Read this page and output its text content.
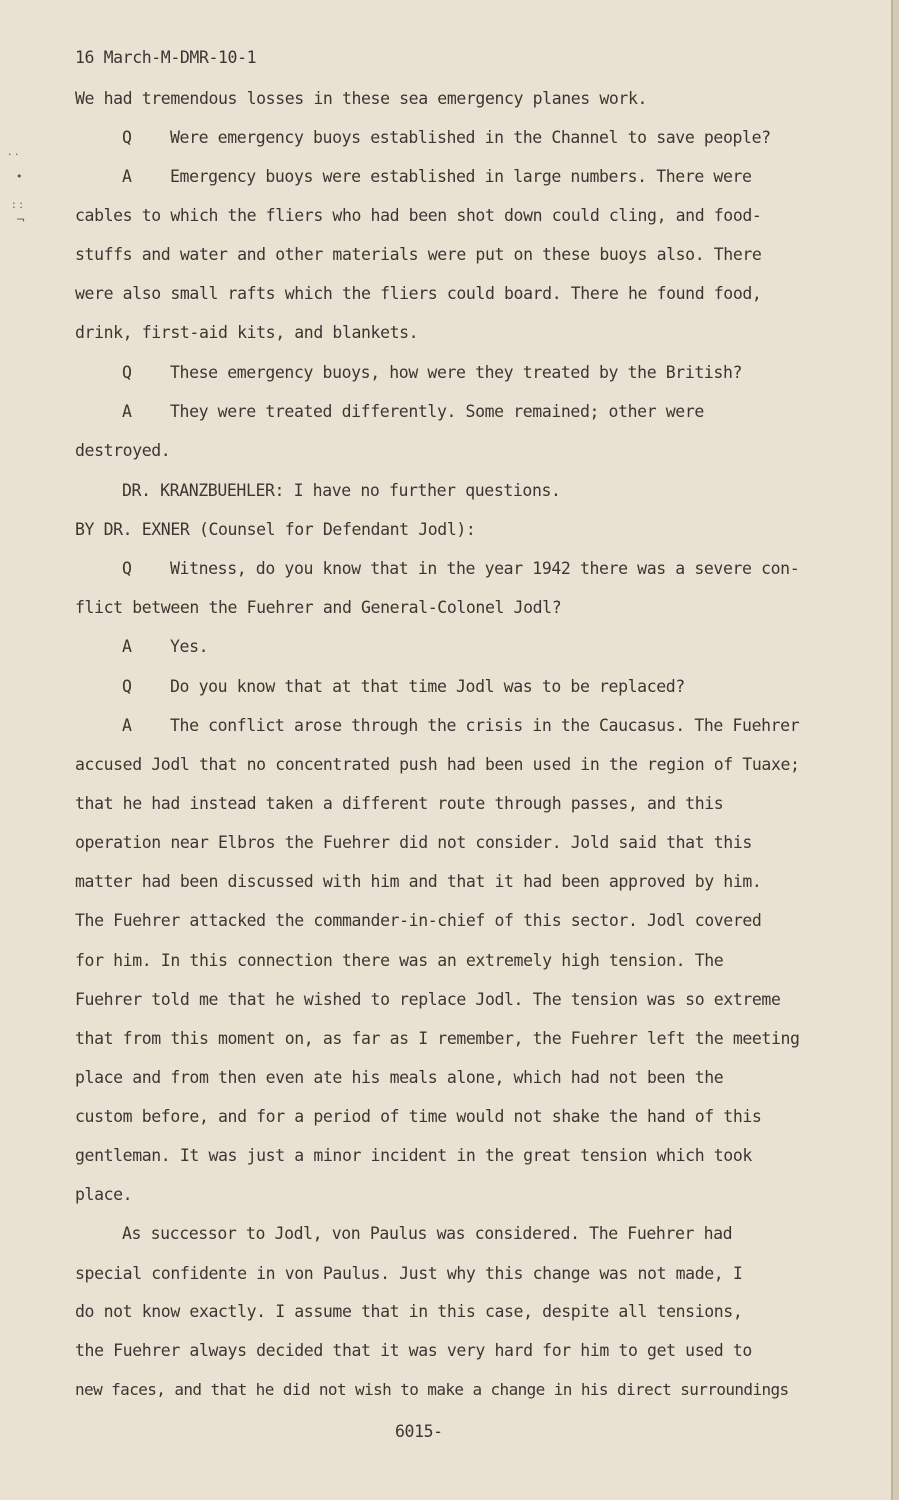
16 March-M-DMR-10-1
· ·
•
: :
¬
We had tremendous losses in these sea emergency planes work.
Q Were emergency buoys established in the Channel to save people?
A Emergency buoys were established in large numbers. There were
cables to which the fliers who had been shot down could cling, and food-
stuffs and water and other materials were put on these buoys also. There
were also small rafts which the fliers could board. There he found food,
drink, first-aid kits, and blankets.
Q These emergency buoys, how were they treated by the British?
A They were treated differently. Some remained; other were
destroyed.
DR. KRANZBUEHLER: I have no further questions.
BY DR. EXNER (Counsel for Defendant Jodl):
Q Witness, do you know that in the year 1942 there was a severe con-
flict between the Fuehrer and General-Colonel Jodl?
A Yes.
Q Do you know that at that time Jodl was to be replaced?
A The conflict arose through the crisis in the Caucasus. The Fuehrer
accused Jodl that no concentrated push had been used in the region of Tuaxe;
that he had instead taken a different route through passes, and this
operation near Elbros the Fuehrer did not consider. Jold said that this
matter had been discussed with him and that it had been approved by him.
The Fuehrer attacked the commander-in-chief of this sector. Jodl covered
for him. In this connection there was an extremely high tension. The
Fuehrer told me that he wished to replace Jodl. The tension was so extreme
that from this moment on, as far as I remember, the Fuehrer left the meeting
place and from then even ate his meals alone, which had not been the
custom before, and for a period of time would not shake the hand of this
gentleman. It was just a minor incident in the great tension which took
place.
As successor to Jodl, von Paulus was considered. The Fuehrer had
special confidente in von Paulus. Just why this change was not made, I
do not know exactly. I assume that in this case, despite all tensions,
the Fuehrer always decided that it was very hard for him to get used to
new faces, and that he did not wish to make a change in his direct surroundings
6015-
